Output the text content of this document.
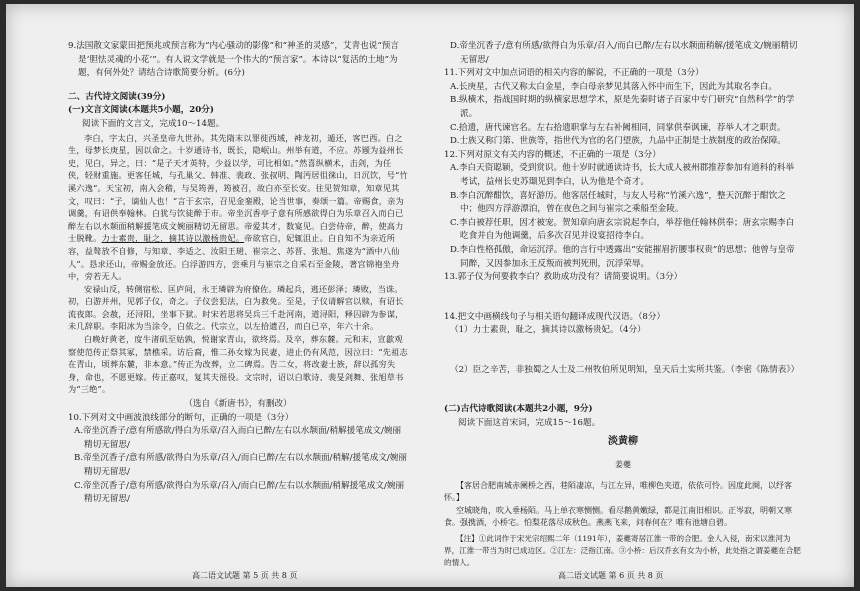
9.法国散文家蒙田把预兆或预言称为“内心骚动的影像”和“神圣的灵感”，艾青也说“预言是‘胆怯灵魂的小花’”。有人说文学就是一个伟大的“预言家”。本诗以“复活的土地”为题，有何外处？请结合诗歌简要分析。(6分)

二、古代诗文阅读(39分)

(一)文言文阅读(本题共5小题，20分)

阅读下面的文言文，完成10～14题。

李白，字太白，兴圣皇帝九世孙。其先隋末以罪徙西域，神龙初，遁还，客巴西。白之生，母梦长庚星，因以命之。十岁通诗书，既长，隐岷山。州举有道，不应。苏颋为益州长史，见白，异之，曰：“是子天才英特，少益以学，可比相如。”然喜纵横术，击剑，为任侠，轻财重施。更客任城，与孔巢父、韩准、裴政、张叔明、陶沔居徂徕山，日沉饮，号“竹溪六逸”。天宝初，南入会稽，与吴筠善，筠被召，故白亦至长安。往见贺知章，知章见其文，叹曰：“子，谪仙人也！”言于玄宗，召见金銮殿，论当世事，奏颂一篇。帝赐食，亲为调羹，有诏供奉翰林。白犹与饮徒醉于市。帝坐沉香亭子意有所感欲得白为乐章召入而白已醉左右以水颒面稍解援笔成文婉丽精切无留思。帝爱其才，数宴见。白尝侍帝，醉，使高力士脱靴。力士素贵，耻之，摘其诗以激杨贵妃。帝欲官白，妃辄沮止。白自知不为亲近所容，益骜放不自修，与知章、李适之、汝阳王琎、崔宗之、苏晋、张旭、焦遂为“酒中八仙人”。恳求还山，帝赐金放还。白浮游四方，尝乘月与崔宗之自采石至金陵，著宫锦袍坐舟中，旁若无人。

安禄山反，转侧宿松、匡庐间，永王璘辟为府僚佐。璘起兵，逃还彭泽；璘败，当诛。初，白游并州，见郭子仪，奇之。子仪尝犯法，白为救免。至是，子仪请解官以赎，有诏长流夜郎。会赦，还浔阳，坐事下狱。时宋若思将吴兵三千赴河南，道浔阳，释囚辟为参谋，未几辞职。李阳冰为当涂令，白依之。代宗立，以左拾遗召，而白已卒，年六十余。

白晚好黄老，度牛渚矶至姑孰，悦谢家青山，欲终焉。及卒，葬东麓。元和末，宣歙观察使范传正祭其冢，禁樵采。访后裔，惟二孙女嫁为民妻，进止仍有风范，因泣曰：“先祖志在青山，顷葬东麓，非本意。”传正为改葬，立二碑焉。告二女，将改妻士族，辞以孤穷失身，命也，不愿更嫁。传正嘉叹，复其夫徭役。文宗时，诏以白歌诗、裴旻剑舞、张旭草书为“三绝”。

（选自《新唐书》，有删改）

10.下列对文中画波浪线部分的断句，正确的一项是（3分）

A.帝坐沉香子/意有所感欲/得白为乐章/召入而白已醉/左右以水颒面/稍解援笔成文/婉丽精切无留思/

B.帝坐沉香子/意有所感/欲得白为乐章/召入/而白已醉/左右以水颒面/稍解/援笔成文/婉丽精切无留思/

C.帝坐沉香子/意有所感/欲得白为乐章/召入/而白已醉/左右以水颒面/稍解援笔成文/婉丽精切无留思/

D.帝坐沉香子/意有所感/欲得白为乐章/召入/而白已醉/左右以水颒面稍解/援笔成文/婉丽精切无留思/

11.下列对文中加点词语的相关内容的解说，不正确的一项是（3分）

A.长庚星，古代又称太白金星，李白母亲梦见其落入怀中而生下，因此为其取名李白。

B.纵横术，指战国时期的纵横家思想学术，原是先秦时诸子百家中专门研究“自然科学”的学派。

C.拾遗，唐代谏官名。左右拾遗职掌与左右补阙相同，同掌供奉讽谏，荐举人才之职责。

D.士族又称门第、世族等，指世代为官的名门望族，九品中正制是士族制度的政治保障。

12.下列对原文有关内容的概述，不正确的一项是（3分）

A.李白天资聪颖，受到赏识。他十岁时就通读诗书，长大成人被州郡推荐参加有道科的科举考试，益州长史苏颋见到李白，认为他是个奇才。

B.李白沉醉酣饮，喜好游历。他客居任城时，与友人号称“竹溪六逸”，整天沉醉于酣饮之中；他四方浮游漂泊，曾在夜色之间与崔宗之乘船至金陵。

C.李白被荐任职，因才被宠。贺知章向唐玄宗说起李白，举荐他任翰林供奉；唐玄宗赐李白吃食并自为他调羹，后多次召见并设宴招待李白。

D.李白性格孤傲，命运沉浮。他的言行中透露出“安能摧眉折腰事权贵”的思想；他曾与皇帝同醉，又因参加永王反叛而被判死刑，沉浮荣辱。

13.郭子仪为何要救李白？救助成功没有？请简要说明。（3分）

14.把文中画横线句子与相关语句翻译成现代汉语。（8分）

（1）力士素贵，耻之，摘其诗以激杨贵妃。（4分）

（2）臣之辛苦，非独蜀之人士及二州牧伯所见明知，皇天后土实所共鉴。（李密《陈情表》）

(二)古代诗歌阅读(本题共2小题，9分)

阅读下面这首宋词，完成15～16题。

淡黄柳

姜夔

【客居合肥南城赤阑桥之西，巷陌凄凉，与江左异，唯柳色夹道，依依可怜。因度此阕，以纾客怀。】

空城晓角，吹入垂杨陌。马上单衣寒恻恻。看尽鹅黄嫩绿，都是江南旧相识。正岑寂，明朝又寒食。强携酒，小桥宅。怕梨花落尽成秋色。燕燕飞来，问春何在？唯有池塘自碧。

【注】①此词作于宋光宗绍熙二年（1191年），姜夔寄居江淮一带的合肥。金人入侵，南宋以淮河为界，江淮一带当为时已成边区。②江左：泛指江南。③小桥：后汉乔玄有女为小桥，此处指之谓姜夔在合肥的情人。

高二语文试题 第 5 页 共 8 页	高二语文试题 第 6 页 共 8 页
